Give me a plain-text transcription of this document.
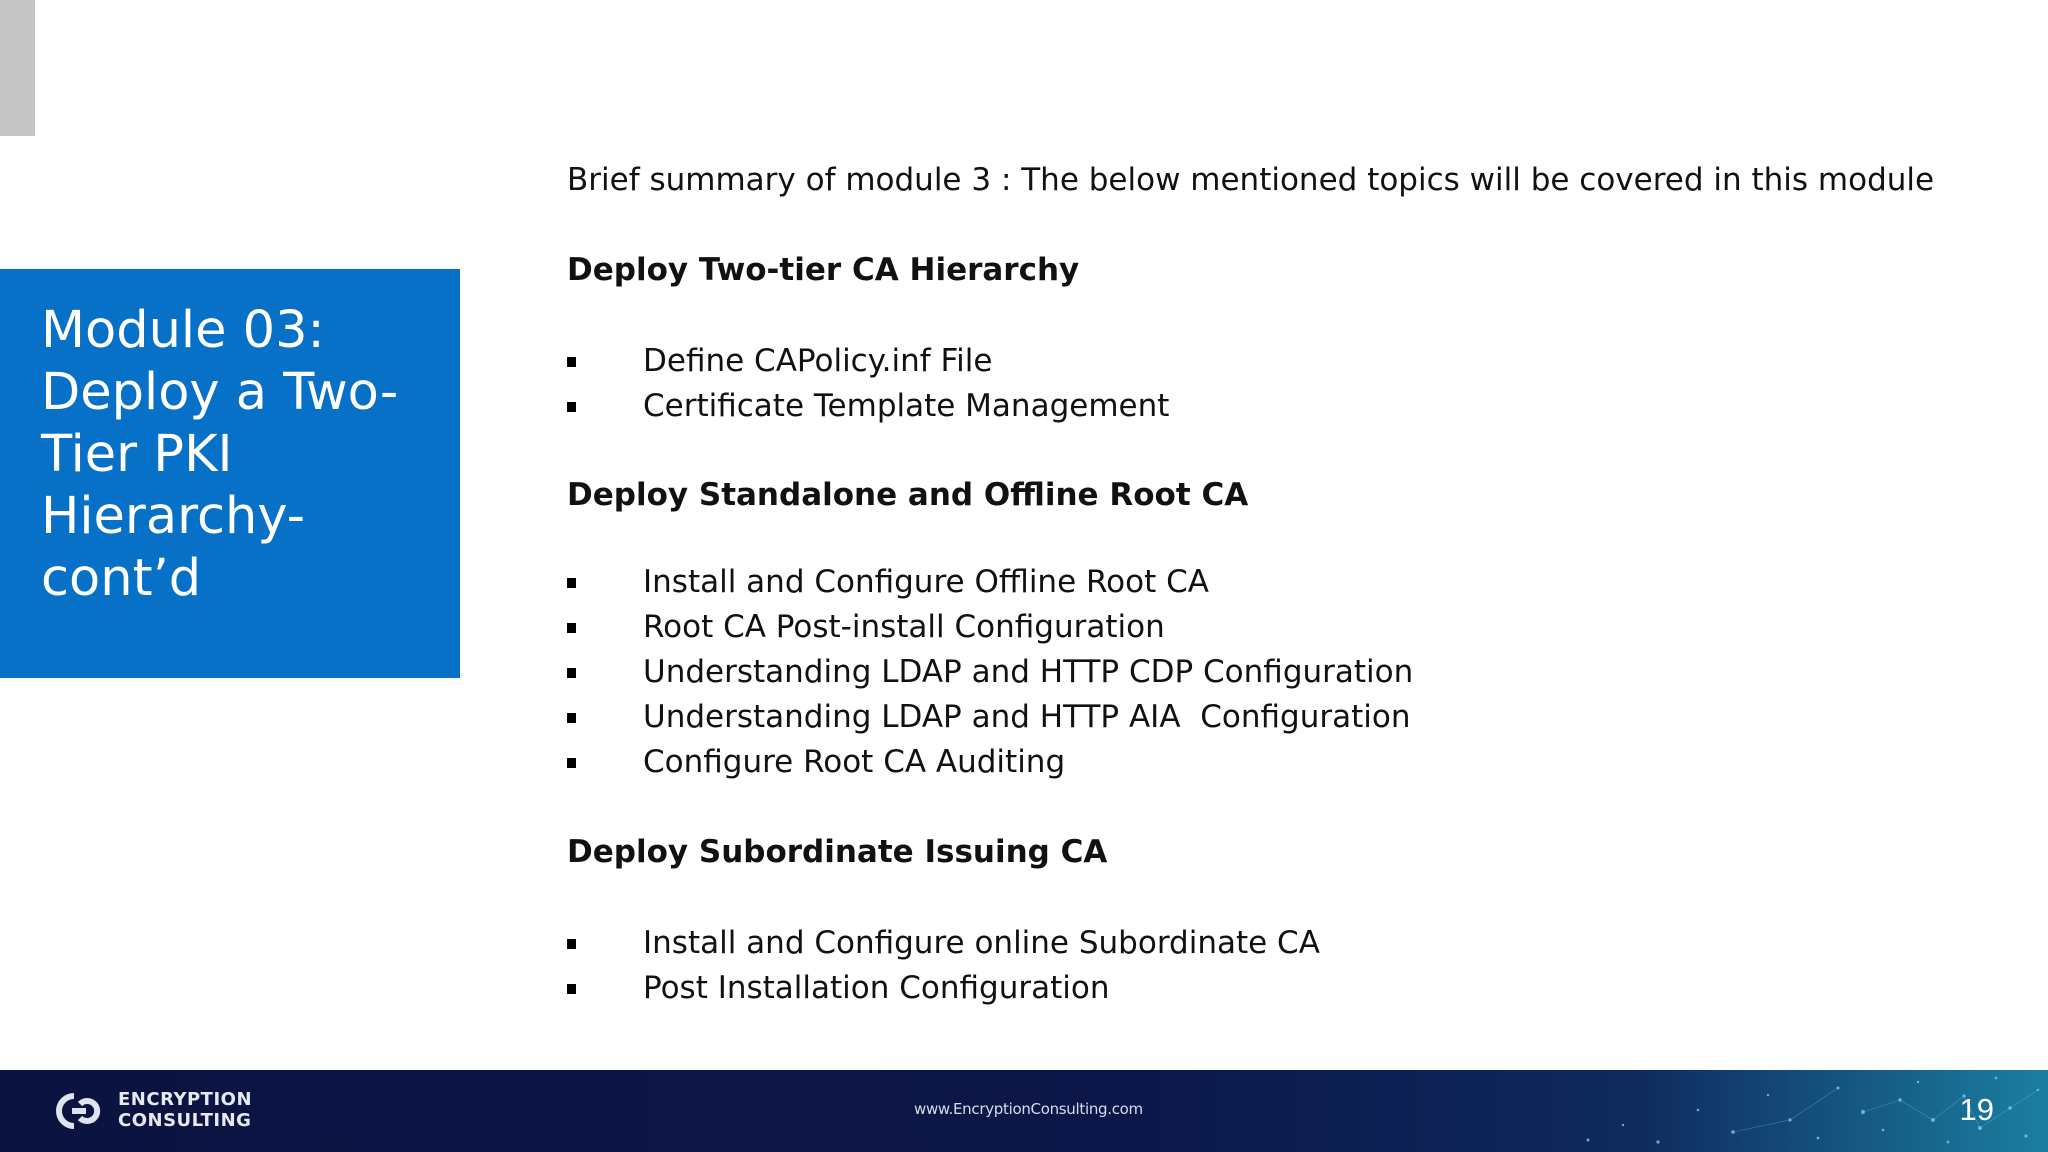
Module 03:
Deploy a Two-
Tier PKI
Hierarchy-
cont’d

Brief summary of module 3 : The below mentioned topics will be covered in this module

Deploy Two-tier CA Hierarchy

Define CAPolicy.inf File

Certificate Template Management

Deploy Standalone and Offline Root CA

Install and Configure Offline Root CA

Root CA Post-install Configuration

Understanding LDAP and HTTP CDP Configuration

Understanding LDAP and HTTP AIA  Configuration

Configure Root CA Auditing

Deploy Subordinate Issuing CA

Install and Configure online Subordinate CA

Post Installation Configuration

ENCRYPTION
CONSULTING
www.EncryptionConsulting.com	19
